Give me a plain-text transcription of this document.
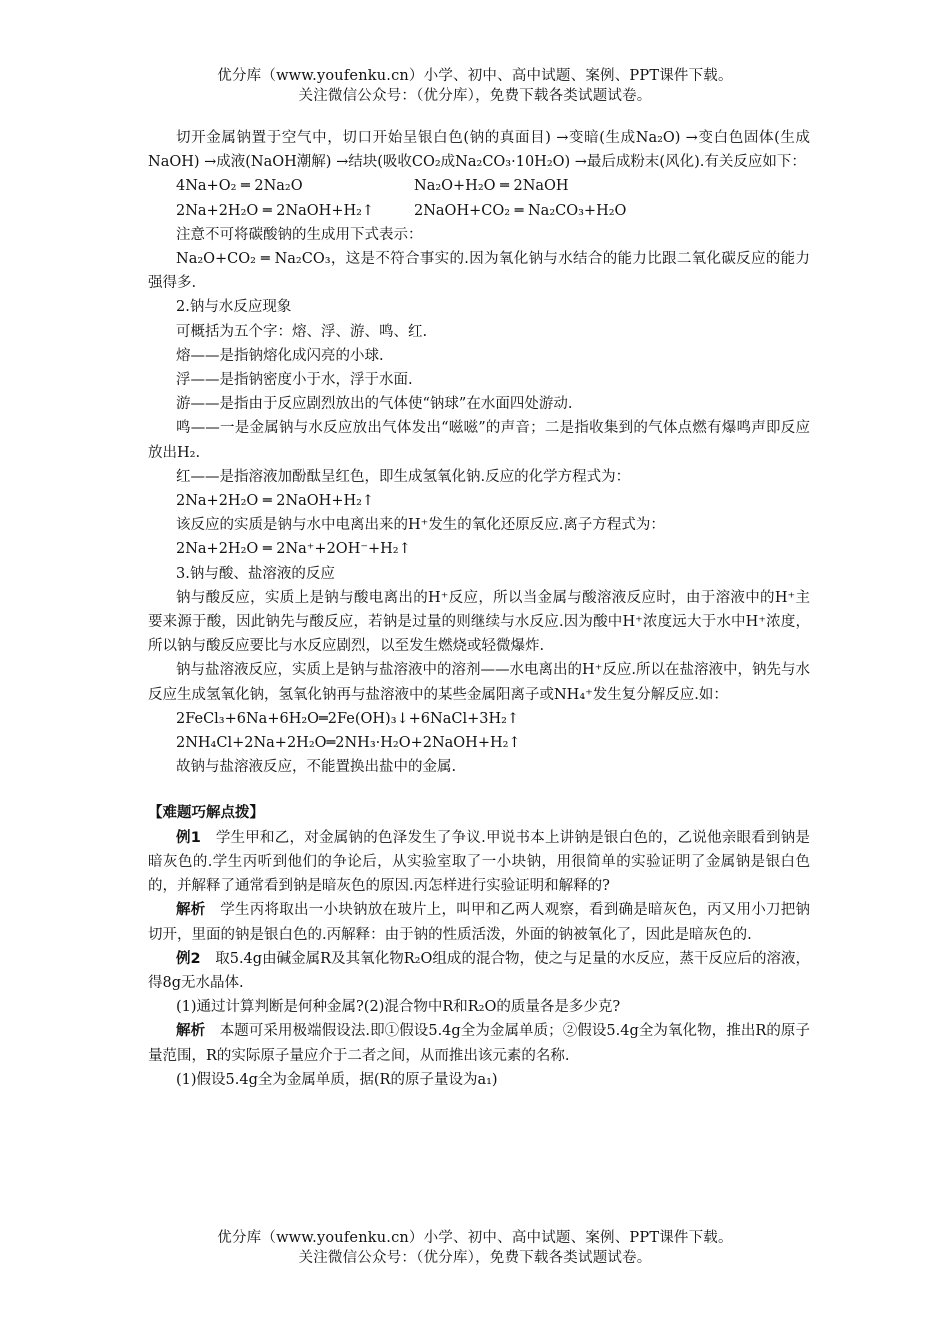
优分库（www.youfenku.cn）小学、初中、高中试题、案例、PPT课件下载。
关注微信公众号：（优分库），免费下载各类试题试卷。

切开金属钠置于空气中，切口开始呈银白色(钠的真面目) →变暗(生成Na₂O) →变白色固体(生成NaOH) →成液(NaOH潮解) →结块(吸收CO₂成Na₂CO₃·10H₂O) →最后成粉末(风化).有关反应如下：

4Na+O₂ ═ 2Na₂O	Na₂O+H₂O ═ 2NaOH
2Na+2H₂O ═ 2NaOH+H₂↑	2NaOH+CO₂ ═ Na₂CO₃+H₂O

注意不可将碳酸钠的生成用下式表示：

Na₂O+CO₂ ═ Na₂CO₃，这是不符合事实的.因为氧化钠与水结合的能力比跟二氧化碳反应的能力强得多.

2.钠与水反应现象

可概括为五个字：熔、浮、游、鸣、红.

熔——是指钠熔化成闪亮的小球.

浮——是指钠密度小于水，浮于水面.

游——是指由于反应剧烈放出的气体使“钠球”在水面四处游动.

鸣——一是金属钠与水反应放出气体发出“嗞嗞”的声音；二是指收集到的气体点燃有爆鸣声即反应放出H₂.

红——是指溶液加酚酞呈红色，即生成氢氧化钠.反应的化学方程式为：

2Na+2H₂O ═ 2NaOH+H₂↑

该反应的实质是钠与水中电离出来的H⁺发生的氧化还原反应.离子方程式为：

2Na+2H₂O ═ 2Na⁺+2OH⁻+H₂↑

3.钠与酸、盐溶液的反应

钠与酸反应，实质上是钠与酸电离出的H⁺反应，所以当金属与酸溶液反应时，由于溶液中的H⁺主要来源于酸，因此钠先与酸反应，若钠是过量的则继续与水反应.因为酸中H⁺浓度远大于水中H⁺浓度，所以钠与酸反应要比与水反应剧烈，以至发生燃烧或轻微爆炸.

钠与盐溶液反应，实质上是钠与盐溶液中的溶剂——水电离出的H⁺反应.所以在盐溶液中，钠先与水反应生成氢氧化钠，氢氧化钠再与盐溶液中的某些金属阳离子或NH₄⁺发生复分解反应.如：

2FeCl₃+6Na+6H₂O═2Fe(OH)₃↓+6NaCl+3H₂↑
2NH₄Cl+2Na+2H₂O═2NH₃·H₂O+2NaOH+H₂↑

故钠与盐溶液反应，不能置换出盐中的金属.

【难题巧解点拨】

例1　 学生甲和乙，对金属钠的色泽发生了争议.甲说书本上讲钠是银白色的，乙说他亲眼看到钠是暗灰色的.学生丙听到他们的争论后，从实验室取了一小块钠，用很简单的实验证明了金属钠是银白色的，并解释了通常看到钠是暗灰色的原因.丙怎样进行实验证明和解释的?

解析　 学生丙将取出一小块钠放在玻片上，叫甲和乙两人观察，看到确是暗灰色，丙又用小刀把钠切开，里面的钠是银白色的.丙解释：由于钠的性质活泼，外面的钠被氧化了，因此是暗灰色的.

例2　 取5.4g由碱金属R及其氧化物R₂O组成的混合物，使之与足量的水反应，蒸干反应后的溶液，得8g无水晶体.

(1)通过计算判断是何种金属?(2)混合物中R和R₂O的质量各是多少克?

解析　 本题可采用极端假设法.即①假设5.4g全为金属单质；②假设5.4g全为氧化物，推出R的原子量范围，R的实际原子量应介于二者之间，从而推出该元素的名称.

(1)假设5.4g全为金属单质，据(R的原子量设为a₁)

优分库（www.youfenku.cn）小学、初中、高中试题、案例、PPT课件下载。
关注微信公众号：（优分库），免费下载各类试题试卷。
